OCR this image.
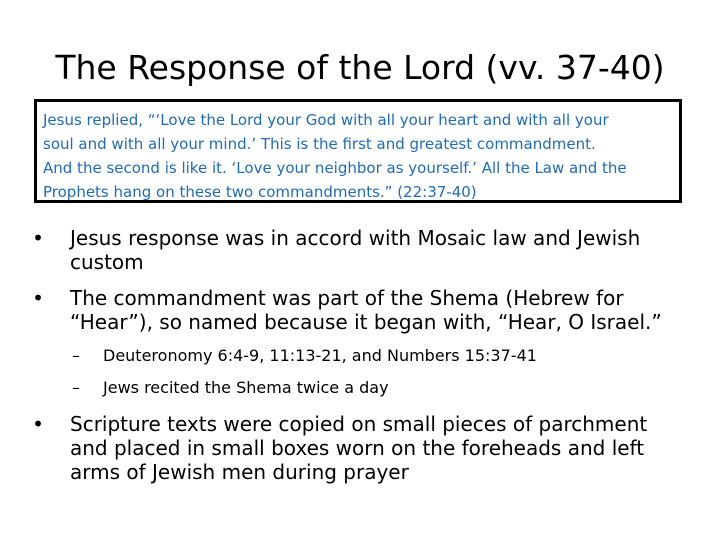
The Response of the Lord (vv. 37-40)
Jesus replied, “‘Love the Lord your God with all your heart and with all your
soul and with all your mind.’ This is the first and greatest commandment.
And the second is like it. ‘Love your neighbor as yourself.’ All the Law and the
Prophets hang on these two commandments.” (22:37-40)
• Jesus response was in accord with Mosaic law and Jewish
custom
• The commandment was part of the Shema (Hebrew for
“Hear”), so named because it began with, “Hear, O Israel.”
– Deuteronomy 6:4-9, 11:13-21, and Numbers 15:37-41
– Jews recited the Shema twice a day
• Scripture texts were copied on small pieces of parchment
and placed in small boxes worn on the foreheads and left
arms of Jewish men during prayer
